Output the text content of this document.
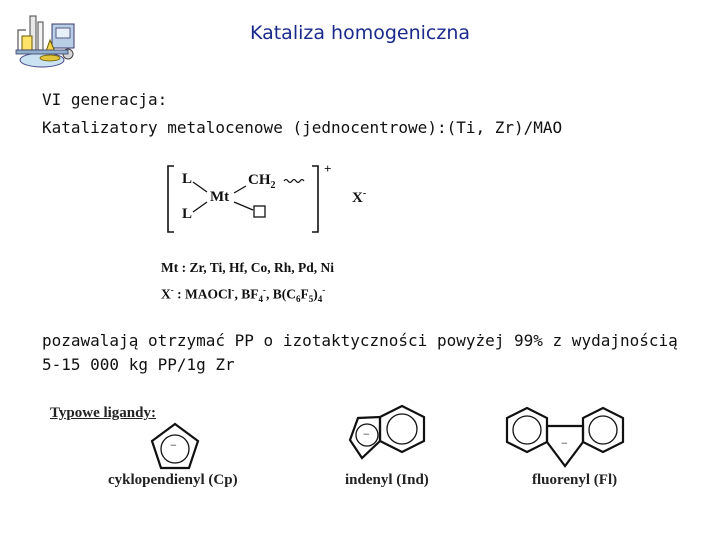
Kataliza homogeniczna
VI generacja:
Katalizatory metalocenowe (jednocentrowe):(Ti, Zr)/MAO
L
L
Mt
$CH_2$
+
X-
Mt : Zr, Ti, Hf, Co, Rh, Pd, Ni
X- : MAOCl-, $BF_4^-$, $B(C_6F_5)_4^-$
pozawalają otrzymać PP o izotaktyczności powyżej 99% z wydajnością
5-15 000 kg PP/1g Zr
Typowe ligandy:
−
cyklopendienyl (Cp)
−
indenyl (Ind)
−
fluorenyl (Fl)
